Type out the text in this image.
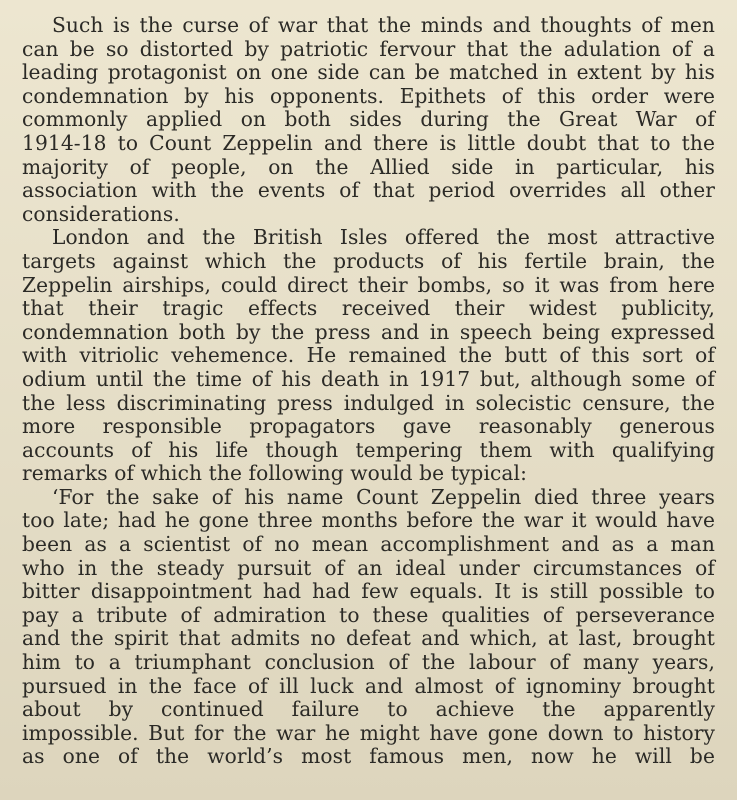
Such is the curse of war that the minds and thoughts of men
can be so distorted by patriotic fervour that the adulation of a
leading protagonist on one side can be matched in extent by his
condemnation by his opponents. Epithets of this order were
commonly applied on both sides during the Great War of
1914-18 to Count Zeppelin and there is little doubt that to the
majority of people, on the Allied side in particular, his
association with the events of that period overrides all other
considerations.
London and the British Isles offered the most attractive
targets against which the products of his fertile brain, the
Zeppelin airships, could direct their bombs, so it was from here
that their tragic effects received their widest publicity,
condemnation both by the press and in speech being expressed
with vitriolic vehemence. He remained the butt of this sort of
odium until the time of his death in 1917 but, although some of
the less discriminating press indulged in solecistic censure, the
more responsible propagators gave reasonably generous
accounts of his life though tempering them with qualifying
remarks of which the following would be typical:
‘For the sake of his name Count Zeppelin died three years
too late; had he gone three months before the war it would have
been as a scientist of no mean accomplishment and as a man
who in the steady pursuit of an ideal under circumstances of
bitter disappointment had had few equals. It is still possible to
pay a tribute of admiration to these qualities of perseverance
and the spirit that admits no defeat and which, at last, brought
him to a triumphant conclusion of the labour of many years,
pursued in the face of ill luck and almost of ignominy brought
about by continued failure to achieve the apparently
impossible. But for the war he might have gone down to history
as one of the world’s most famous men, now he will be
